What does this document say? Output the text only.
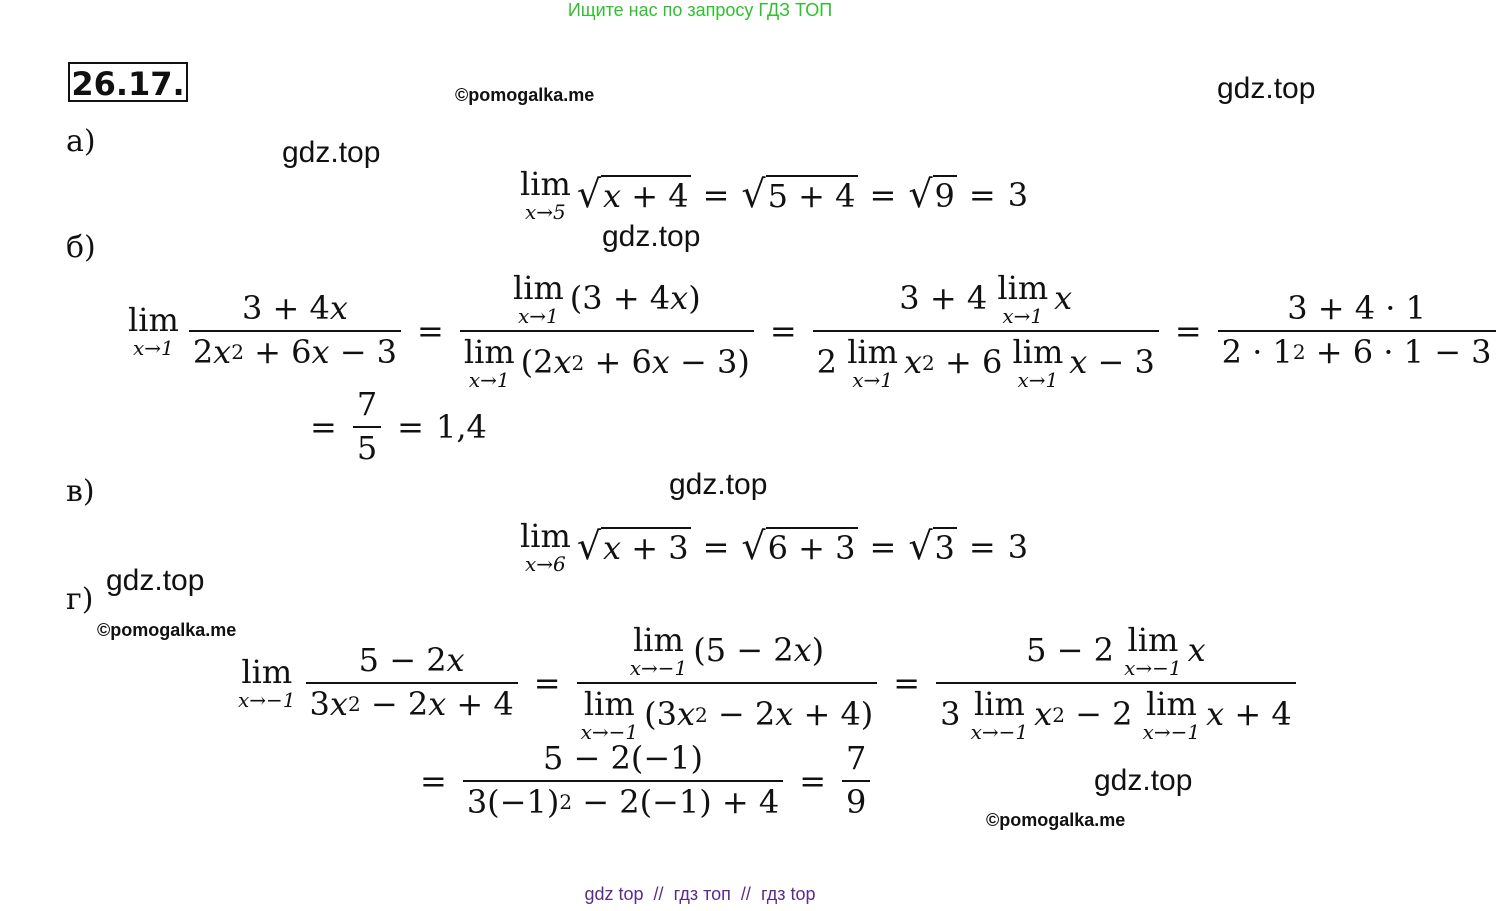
Ищите нас по запросу ГДЗ ТОП
26.17.	©pomogalka.me	gdz.top
gdz.top
gdz.top
gdz.top
gdz.top
©pomogalka.me
gdz.top
©pomogalka.me
а)
б)
в)
г)
lim
x→5 √ x + 4 = √ 5 + 4 = √ 9 = 3
lim
$x\to 1 \frac{3 + 4 x}{2 x 2 + 6 x - 3} = \lim$
x→1 (3 + 4 x )
lim
x→1 (2 x 2 + 6 x − 3) = 3 + 4 lim
x→1 x
2 lim
x→1 x 2 + 6 lim
x→1 $x - 3 = \frac{3 + 4 \cdot 1}{2 \cdot 1 2 + 6 \cdot 1 - 3}$
= $\frac{7}{5} = 1,4$
lim
x→6 √ x + 3 = √ 6 + 3 = √ 3 = 3
lim
$x\to-1 \frac{5 - 2 x}{3 x 2 - 2 x + 4} = \lim$
x→−1 (5 − 2 x )
lim
x→−1 (3 x 2 − 2 x + 4) = 5 − 2 lim
x→−1 x
3 lim
x→−1 x 2 − 2 lim
x→−1 x + 4
= $\frac{5 - 2(-1)}{3(-1) 2 - 2(-1) + 4} = \frac{7}{9}$
gdz top // гдз топ // гдз top
